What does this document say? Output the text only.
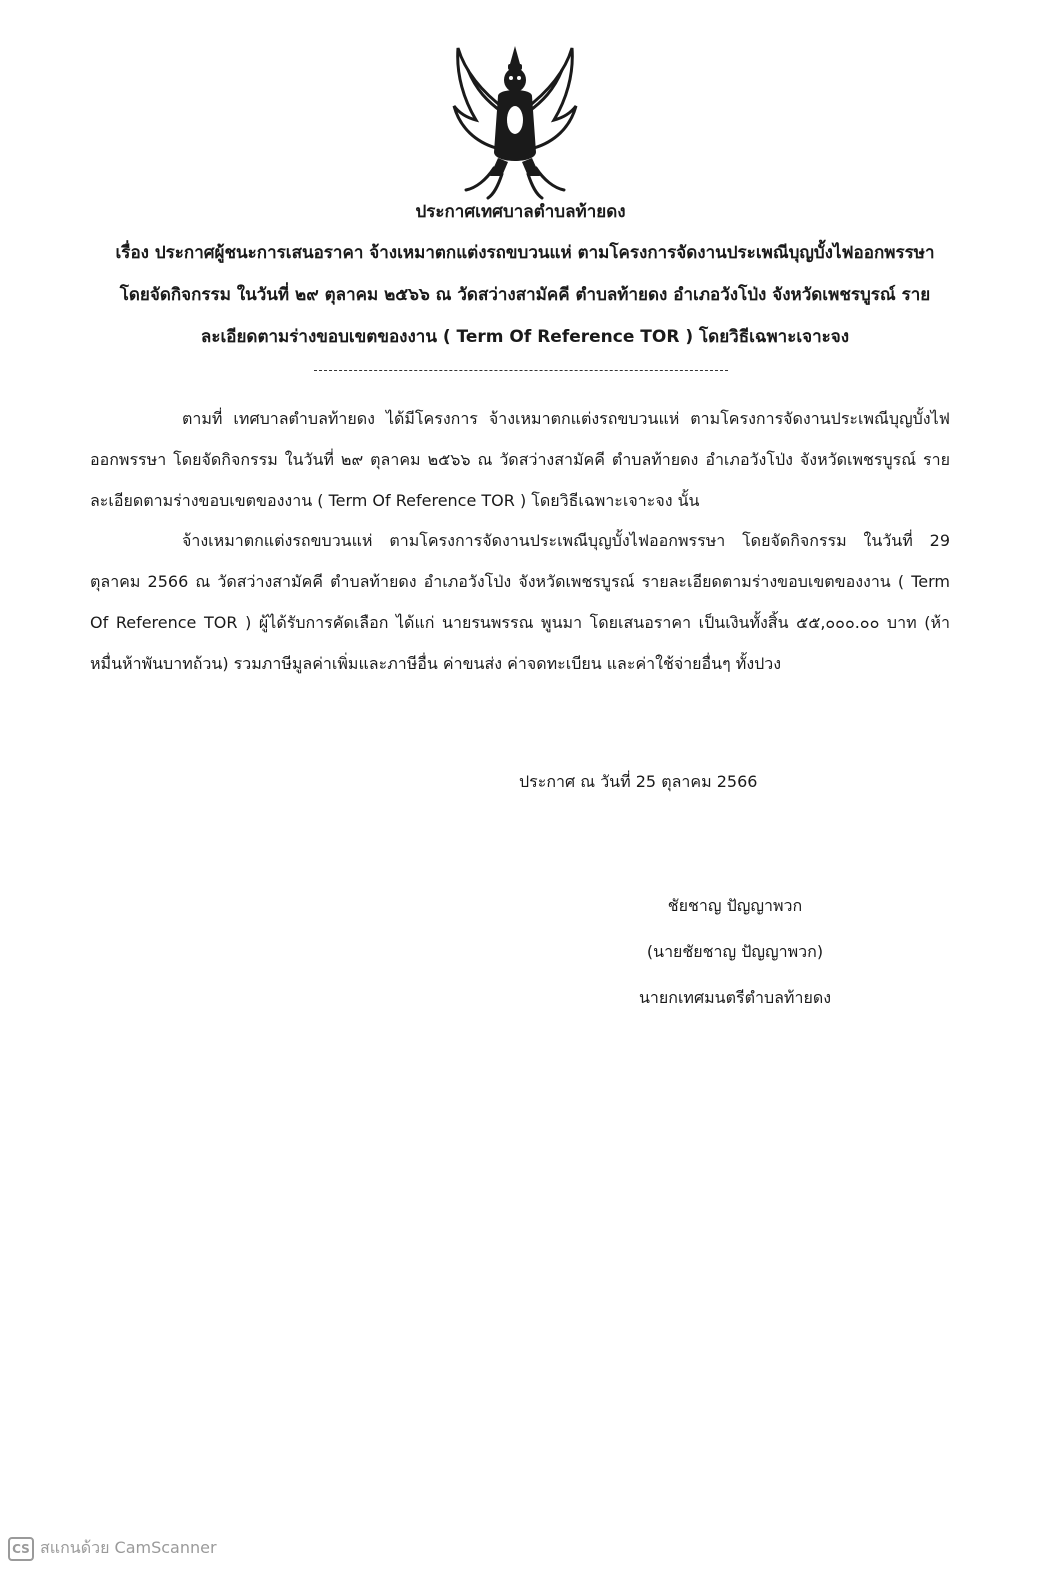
ประกาศเทศบาลตำบลท้ายดง
เรื่อง ประกาศผู้ชนะการเสนอราคา จ้างเหมาตกแต่งรถขบวนแห่ ตามโครงการจัดงานประเพณีบุญบั้งไฟออกพรรษา โดยจัดกิจกรรม ในวันที่ ๒๙ ตุลาคม ๒๕๖๖ ณ วัดสว่างสามัคคี ตำบลท้ายดง อำเภอวังโป่ง จังหวัดเพชรบูรณ์ รายละเอียดตามร่างขอบเขตของงาน ( Term Of Reference TOR ) โดยวิธีเฉพาะเจาะจง
ตามที่ เทศบาลตำบลท้ายดง ได้มีโครงการ จ้างเหมาตกแต่งรถขบวนแห่ ตามโครงการจัดงานประเพณีบุญบั้งไฟออกพรรษา โดยจัดกิจกรรม ในวันที่ ๒๙ ตุลาคม ๒๕๖๖ ณ วัดสว่างสามัคคี ตำบลท้ายดง อำเภอวังโป่ง จังหวัดเพชรบูรณ์ รายละเอียดตามร่างขอบเขตของงาน ( Term Of Reference TOR ) โดยวิธีเฉพาะเจาะจง นั้น
จ้างเหมาตกแต่งรถขบวนแห่ ตามโครงการจัดงานประเพณีบุญบั้งไฟออกพรรษา โดยจัดกิจกรรม ในวันที่ 29 ตุลาคม 2566 ณ วัดสว่างสามัคคี ตำบลท้ายดง อำเภอวังโป่ง จังหวัดเพชรบูรณ์ รายละเอียดตามร่างขอบเขตของงาน ( Term Of Reference TOR ) ผู้ได้รับการคัดเลือก ได้แก่ นายรนพรรณ พูนมา โดยเสนอราคา เป็นเงินทั้งสิ้น ๕๕,๐๐๐.๐๐ บาท (ห้าหมื่นห้าพันบาทถ้วน) รวมภาษีมูลค่าเพิ่มและภาษีอื่น ค่าขนส่ง ค่าจดทะเบียน และค่าใช้จ่ายอื่นๆ ทั้งปวง
ประกาศ ณ วันที่ 25 ตุลาคม 2566
ชัยชาญ ปัญญาพวก
(นายชัยชาญ ปัญญาพวก)
นายกเทศมนตรีตำบลท้ายดง
CS สแกนด้วย CamScanner
